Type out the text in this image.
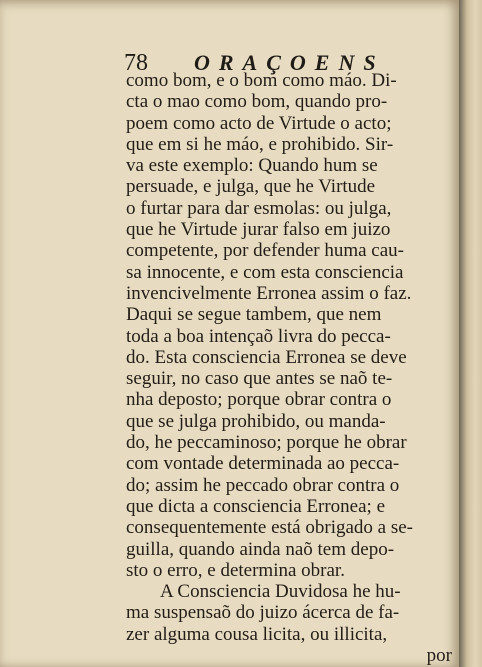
78 ORAÇOENS
como bom, e o bom como máo. Di-
cta o mao como bom, quando pro-
poem como acto de Virtude o acto;
que em si he máo, e prohibido. Sir-
va este exemplo: Quando hum se
persuade, e julga, que he Virtude
o furtar para dar esmolas: ou julga,
que he Virtude jurar falso em juizo
competente, por defender huma cau-
sa innocente, e com esta consciencia
invencivelmente Erronea assim o faz.
Daqui se segue tambem, que nem
toda a boa intençaõ livra do pecca-
do. Esta consciencia Erronea se deve
seguir, no caso que antes se naõ te-
nha deposto; porque obrar contra o
que se julga prohibido, ou manda-
do, he peccaminoso; porque he obrar
com vontade determinada ao pecca-
do; assim he peccado obrar contra o
que dicta a consciencia Erronea; e
consequentemente está obrigado a se-
guilla, quando ainda naõ tem depo-
sto o erro, e determina obrar.
A Consciencia Duvidosa he hu-
ma suspensaõ do juizo ácerca de fa-
zer alguma cousa licita, ou illicita,
por
